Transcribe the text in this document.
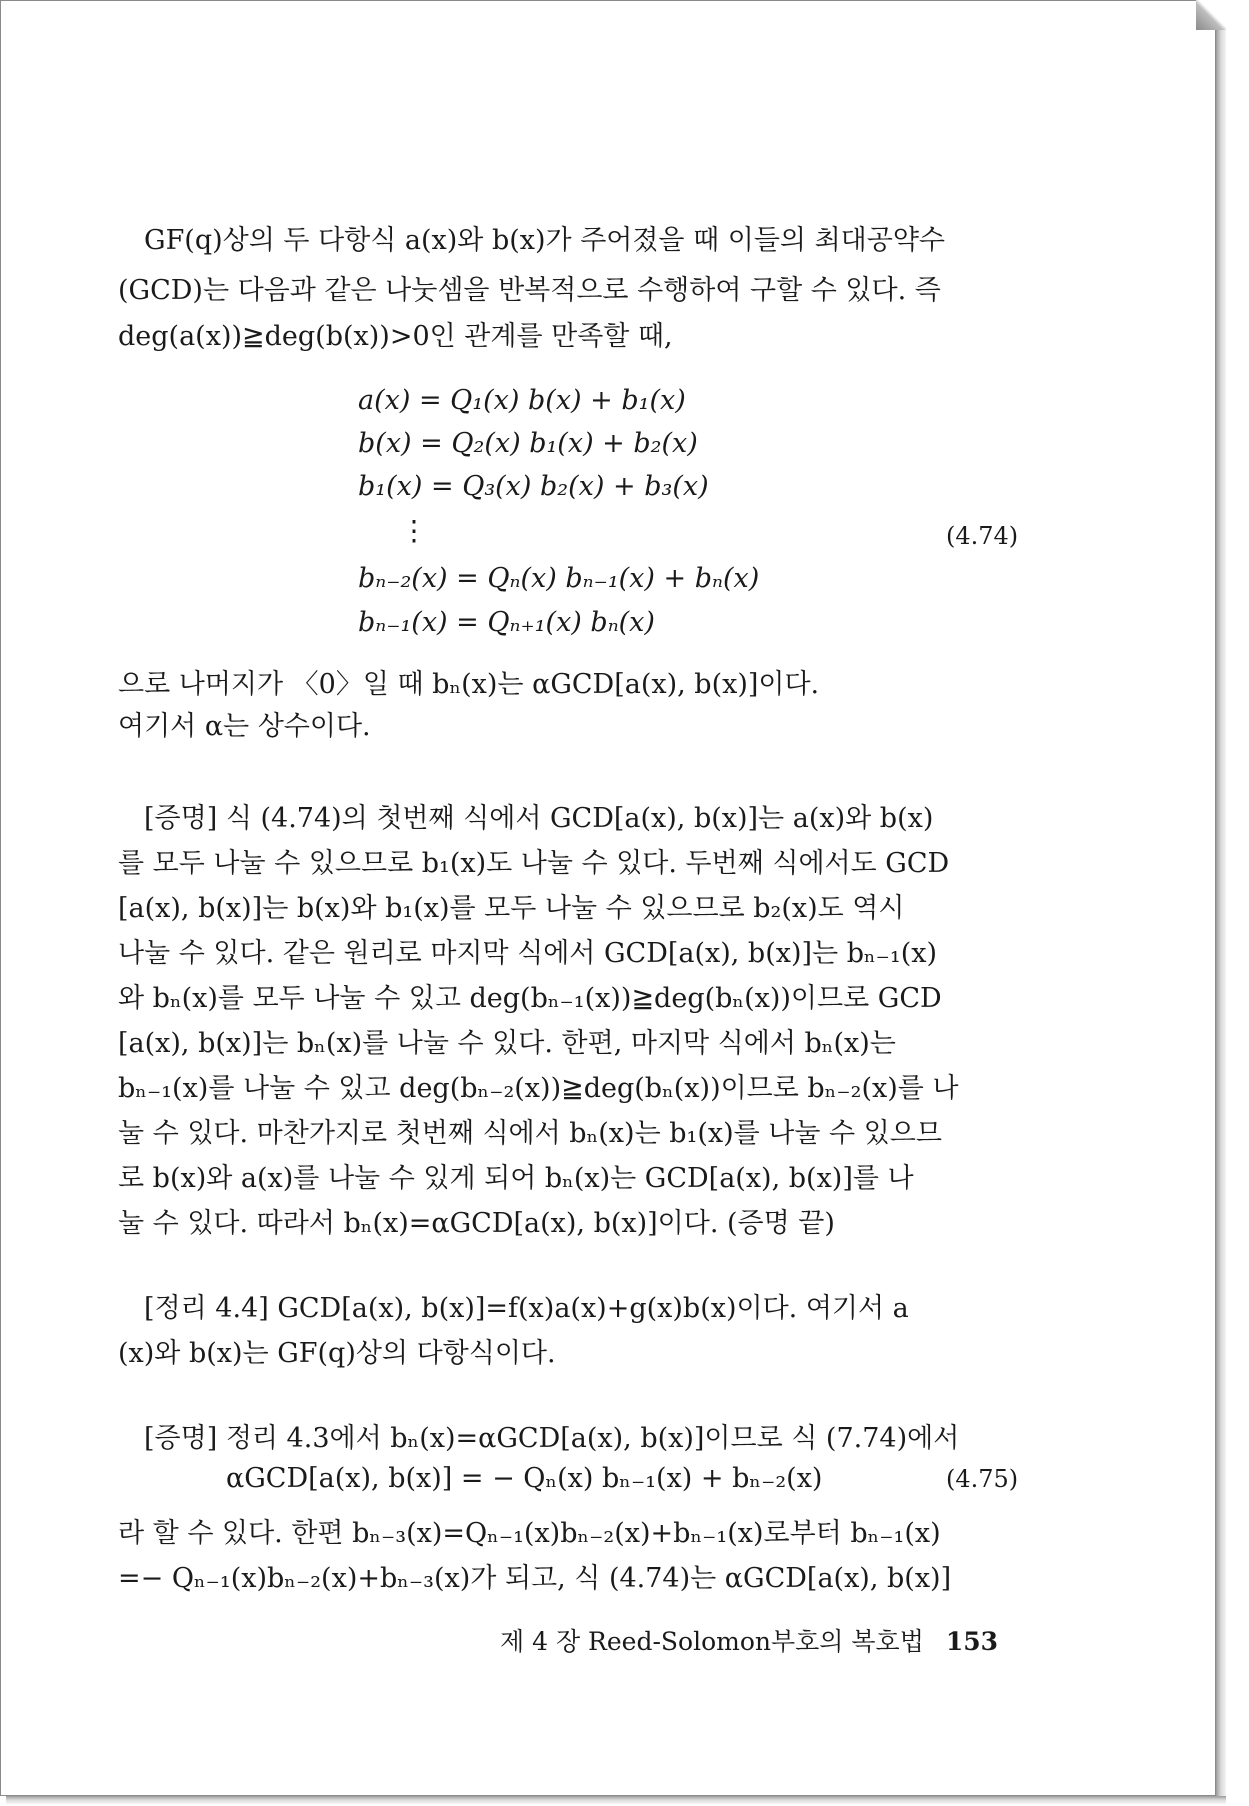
GF(q)상의 두 다항식 a(x)와 b(x)가 주어졌을 때 이들의 최대공약수
(GCD)는 다음과 같은 나눗셈을 반복적으로 수행하여 구할 수 있다. 즉
deg(a(x))≧deg(b(x))>0인 관계를 만족할 때,
a(x) = Q₁(x) b(x) + b₁(x)
b(x) = Q₂(x) b₁(x) + b₂(x)
b₁(x) = Q₃(x) b₂(x) + b₃(x)
⋮	(4.74)
bₙ₋₂(x) = Qₙ(x) bₙ₋₁(x) + bₙ(x)
bₙ₋₁(x) = Qₙ₊₁(x) bₙ(x)
으로 나머지가 〈0〉일 때 bₙ(x)는 αGCD[a(x), b(x)]이다.
여기서 α는 상수이다.
[증명] 식 (4.74)의 첫번째 식에서 GCD[a(x), b(x)]는 a(x)와 b(x)
를 모두 나눌 수 있으므로 b₁(x)도 나눌 수 있다. 두번째 식에서도 GCD
[a(x), b(x)]는 b(x)와 b₁(x)를 모두 나눌 수 있으므로 b₂(x)도 역시
나눌 수 있다. 같은 원리로 마지막 식에서 GCD[a(x), b(x)]는 bₙ₋₁(x)
와 bₙ(x)를 모두 나눌 수 있고 deg(bₙ₋₁(x))≧deg(bₙ(x))이므로 GCD
[a(x), b(x)]는 bₙ(x)를 나눌 수 있다. 한편, 마지막 식에서 bₙ(x)는
bₙ₋₁(x)를 나눌 수 있고 deg(bₙ₋₂(x))≧deg(bₙ(x))이므로 bₙ₋₂(x)를 나
눌 수 있다. 마찬가지로 첫번째 식에서 bₙ(x)는 b₁(x)를 나눌 수 있으므
로 b(x)와 a(x)를 나눌 수 있게 되어 bₙ(x)는 GCD[a(x), b(x)]를 나
눌 수 있다. 따라서 bₙ(x)=αGCD[a(x), b(x)]이다. (증명 끝)
[정리 4.4] GCD[a(x), b(x)]=f(x)a(x)+g(x)b(x)이다. 여기서 a
(x)와 b(x)는 GF(q)상의 다항식이다.
[증명] 정리 4.3에서 bₙ(x)=αGCD[a(x), b(x)]이므로 식 (7.74)에서
αGCD[a(x), b(x)] = − Qₙ(x) bₙ₋₁(x) + bₙ₋₂(x)	(4.75)
라 할 수 있다. 한편 bₙ₋₃(x)=Qₙ₋₁(x)bₙ₋₂(x)+bₙ₋₁(x)로부터 bₙ₋₁(x)
=− Qₙ₋₁(x)bₙ₋₂(x)+bₙ₋₃(x)가 되고, 식 (4.74)는 αGCD[a(x), b(x)]
제 4 장 Reed-Solomon부호의 복호법 153
